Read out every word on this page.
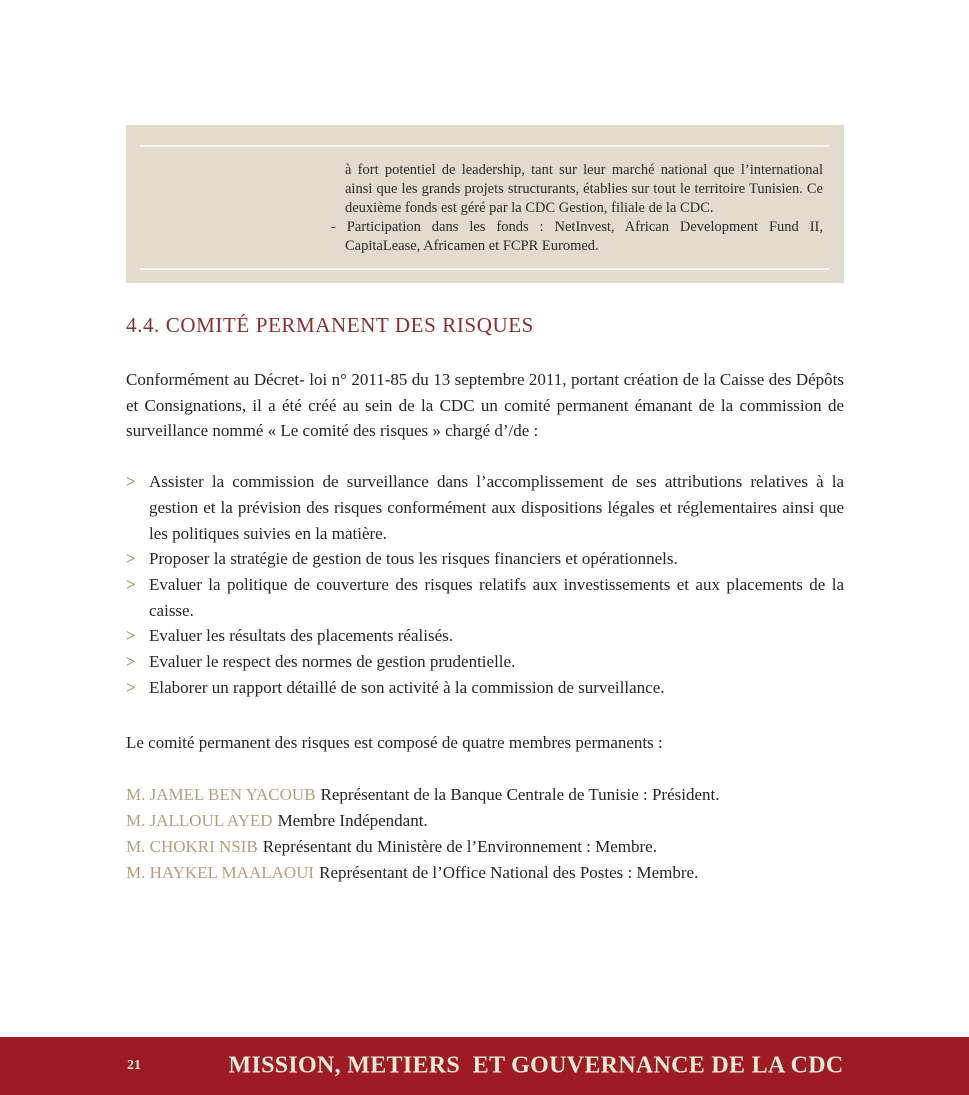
à fort potentiel de leadership, tant sur leur marché national que l’international ainsi que les grands projets structurants, établies sur tout le territoire Tunisien. Ce deuxième fonds est géré par la CDC Gestion, filiale de la CDC.

- Participation dans les fonds : NetInvest, African Development Fund II, CapitaLease, Africamen et FCPR Euromed.

4.4. COMITÉ PERMANENT DES RISQUES

Conformément au Décret- loi n° 2011-85 du 13 septembre 2011, portant création de la Caisse des Dépôts et Consignations, il a été créé au sein de la CDC un comité permanent émanant de la commission de surveillance nommé « Le comité des risques » chargé d’/de :

> Assister la commission de surveillance dans l’accomplissement de ses attributions relatives à la gestion et la prévision des risques conformément aux dispositions légales et réglementaires ainsi que les politiques suivies en la matière.
> Proposer la stratégie de gestion de tous les risques financiers et opérationnels.
> Evaluer la politique de couverture des risques relatifs aux investissements et aux placements de la caisse.
> Evaluer les résultats des placements réalisés.
> Evaluer le respect des normes de gestion prudentielle.
> Elaborer un rapport détaillé de son activité à la commission de surveillance.

Le comité permanent des risques est composé de quatre membres permanents :

M. JAMEL BEN YACOUB Représentant de la Banque Centrale de Tunisie : Président.
M. JALLOUL AYED Membre Indépendant.
M. CHOKRI NSIB Représentant du Ministère de l’Environnement : Membre.
M. HAYKEL MAALAOUI Représentant de l’Office National des Postes : Membre.
21	MISSION, METIERS  ET GOUVERNANCE DE LA CDC
